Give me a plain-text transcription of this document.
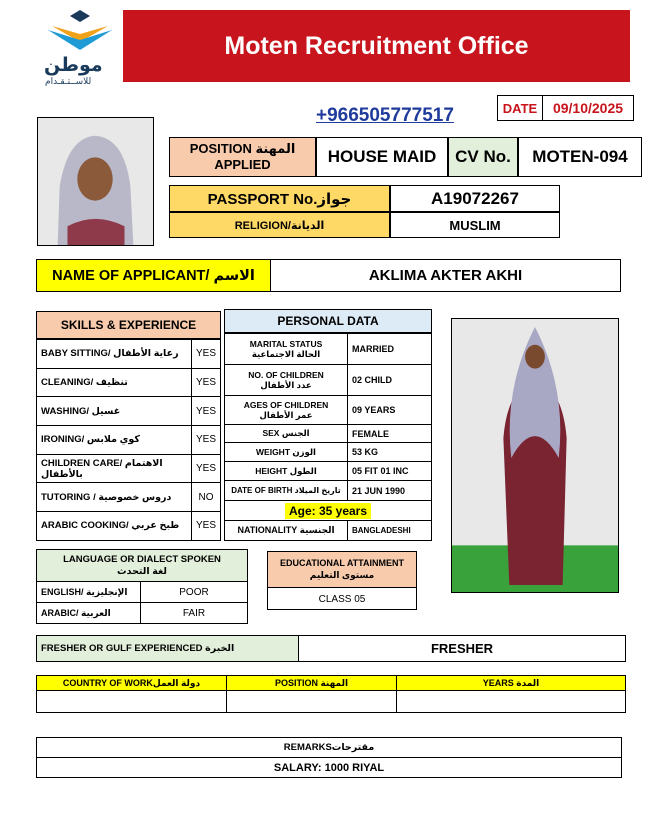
موطن
للاســتـقـدام
Moten Recruitment Office
+966505777517	DATE	09/10/2025
POSITION المهنة APPLIED	HOUSE MAID	CV No.	MOTEN-094
PASSPORT No.جواز	A19072267
RELIGION/الديانة	MUSLIM
NAME OF APPLICANT/ الاسم	AKLIMA AKTER AKHI
SKILLS & EXPERIENCE
BABY SITTING/ رعاية الأطفال	YES
CLEANING/ تنظيف	YES
WASHING/ غسيل	YES
IRONING/ كوي ملابس	YES
CHILDREN CARE/ الاهتمام بالأطفال	YES
TUTORING / دروس خصوصية	NO
ARABIC COOKING/ طبخ عربي	YES
PERSONAL DATA
MARITAL STATUS
الحالة الاجتماعية	MARRIED
NO. OF CHILDREN
عدد الأطفال	02 CHILD
AGES OF CHILDREN
عمر الأطفال	09 YEARS
SEX الجنس	FEMALE
WEIGHT الوزن	53 KG
HEIGHT الطول	05 FIT 01 INC
DATE OF BIRTH تاريخ الميلاد	21 JUN 1990
Age: 35 years	
NATIONALITY الجنسية	BANGLADESHI
LANGUAGE OR DIALECT SPOKEN
لغة التحدث
ENGLISH/ الإنجليزية	POOR
ARABIC/ العربية	FAIR
EDUCATIONAL ATTAINMENT
مستوى التعليم
CLASS 05
FRESHER OR GULF EXPERIENCED الخبرة	FRESHER
COUNTRY OF WORKدولة العمل	POSITION المهنة	YEARS المدة
REMARKSمقترحات
SALARY: 1000 RIYAL
